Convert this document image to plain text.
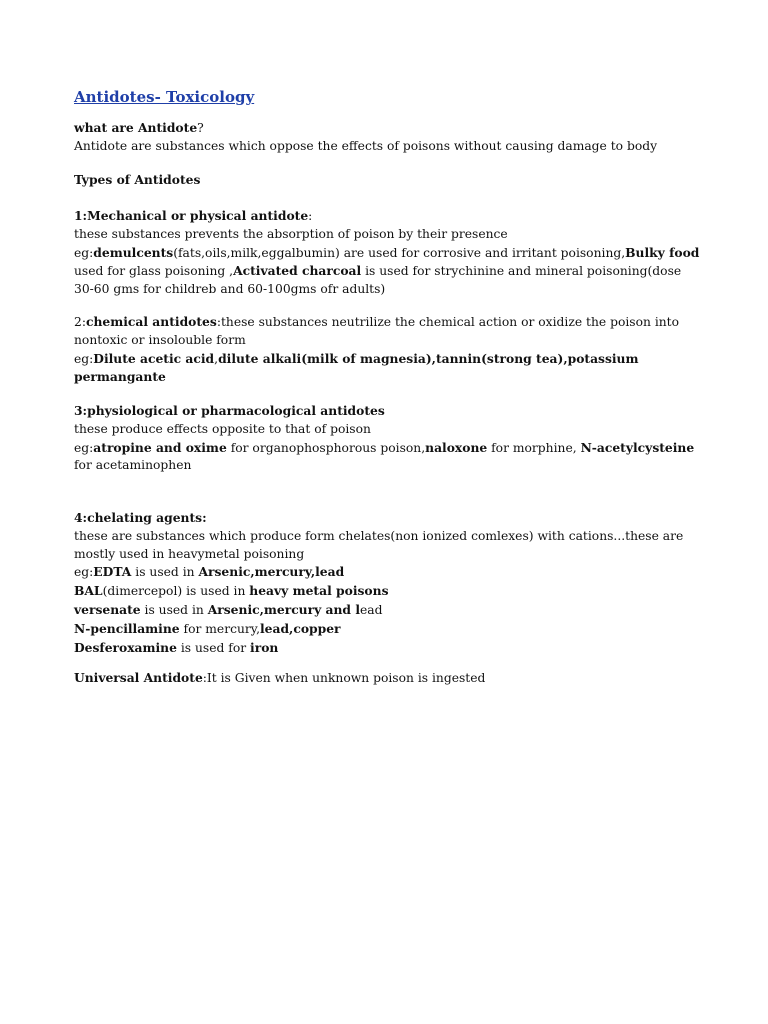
Antidotes- Toxicology
what are Antidote?
Antidote are substances which oppose the effects of poisons without causing damage to body
Types of Antidotes
1:Mechanical or physical antidote:
these substances prevents the absorption of poison by their presence
eg:demulcents(fats,oils,milk,eggalbumin) are used for corrosive and irritant poisoning,Bulky food
used for glass poisoning ,Activated charcoal is used for strychinine and mineral poisoning(dose
30-60 gms for childreb and 60-100gms ofr adults)
2:chemical antidotes:these substances neutrilize the chemical action or oxidize the poison into
nontoxic or insolouble form
eg:Dilute acetic acid,dilute alkali(milk of magnesia),tannin(strong tea),potassium
permangante
3:physiological or pharmacological antidotes
these produce effects opposite to that of poison
eg:atropine and oxime for organophosphorous poison,naloxone for morphine, N-acetylcysteine
for acetaminophen
4:chelating agents:
these are substances which produce form chelates(non ionized comlexes) with cations...these are
mostly used in heavymetal poisoning
eg:EDTA is used in Arsenic,mercury,lead
BAL(dimercepol) is used in heavy metal poisons
versenate is used in Arsenic,mercury and lead
N-pencillamine for mercury,lead,copper
Desferoxamine is used for iron
Universal Antidote:It is Given when unknown poison is ingested
